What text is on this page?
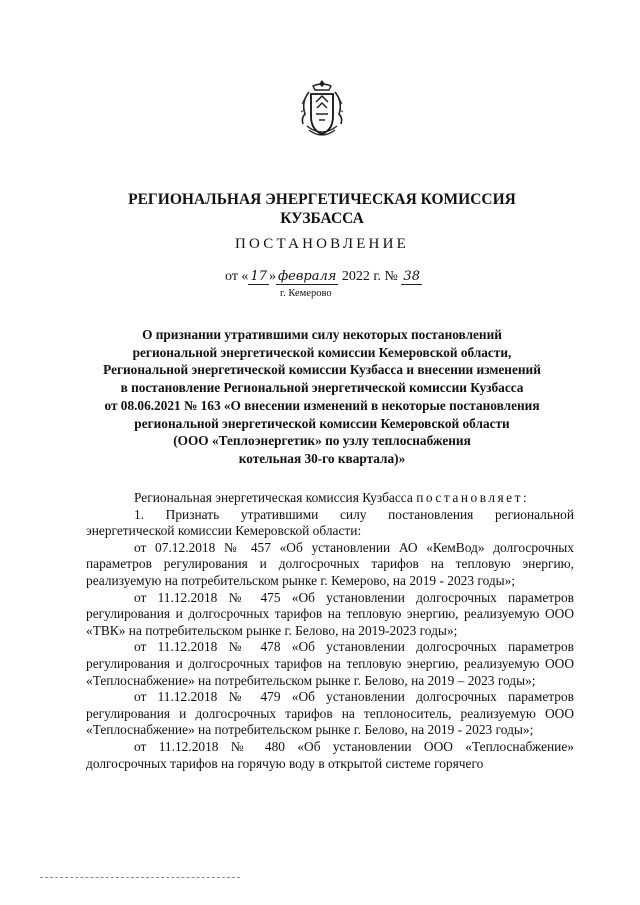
РЕГИОНАЛЬНАЯ ЭНЕРГЕТИЧЕСКАЯ КОМИССИЯ
КУЗБАССА
ПОСТАНОВЛЕНИЕ
от « 17 » февраля 2022 г. № 38
г. Кемерово
О признании утратившими силу некоторых постановлений
региональной энергетической комиссии Кемеровской области,
Региональной энергетической комиссии Кузбасса и внесении изменений
в постановление Региональной энергетической комиссии Кузбасса
от 08.06.2021 № 163 «О внесении изменений в некоторые постановления
региональной энергетической комиссии Кемеровской области
(ООО «Теплоэнергетик» по узлу теплоснабжения
котельная 30-го квартала)»

Региональная энергетическая комиссия Кузбасса постановляет:

1. Признать утратившими силу постановления региональной энергетической комиссии Кемеровской области:

от 07.12.2018 № 457 «Об установлении АО «КемВод» долгосрочных параметров регулирования и долгосрочных тарифов на тепловую энергию, реализуемую на потребительском рынке г. Кемерово, на 2019 - 2023 годы»;

от 11.12.2018 № 475 «Об установлении долгосрочных параметров регулирования и долгосрочных тарифов на тепловую энергию, реализуемую ООО «ТВК» на потребительском рынке г. Белово, на 2019-2023 годы»;

от 11.12.2018 № 478 «Об установлении долгосрочных параметров регулирования и долгосрочных тарифов на тепловую энергию, реализуемую ООО «Теплоснабжение» на потребительском рынке г. Белово, на 2019 – 2023 годы»;

от 11.12.2018 № 479 «Об установлении долгосрочных параметров регулирования и долгосрочных тарифов на теплоноситель, реализуемую ООО «Теплоснабжение» на потребительском рынке г. Белово, на 2019 - 2023 годы»;

от 11.12.2018 № 480 «Об установлении ООО «Теплоснабжение» долгосрочных тарифов на горячую воду в открытой системе горячего
